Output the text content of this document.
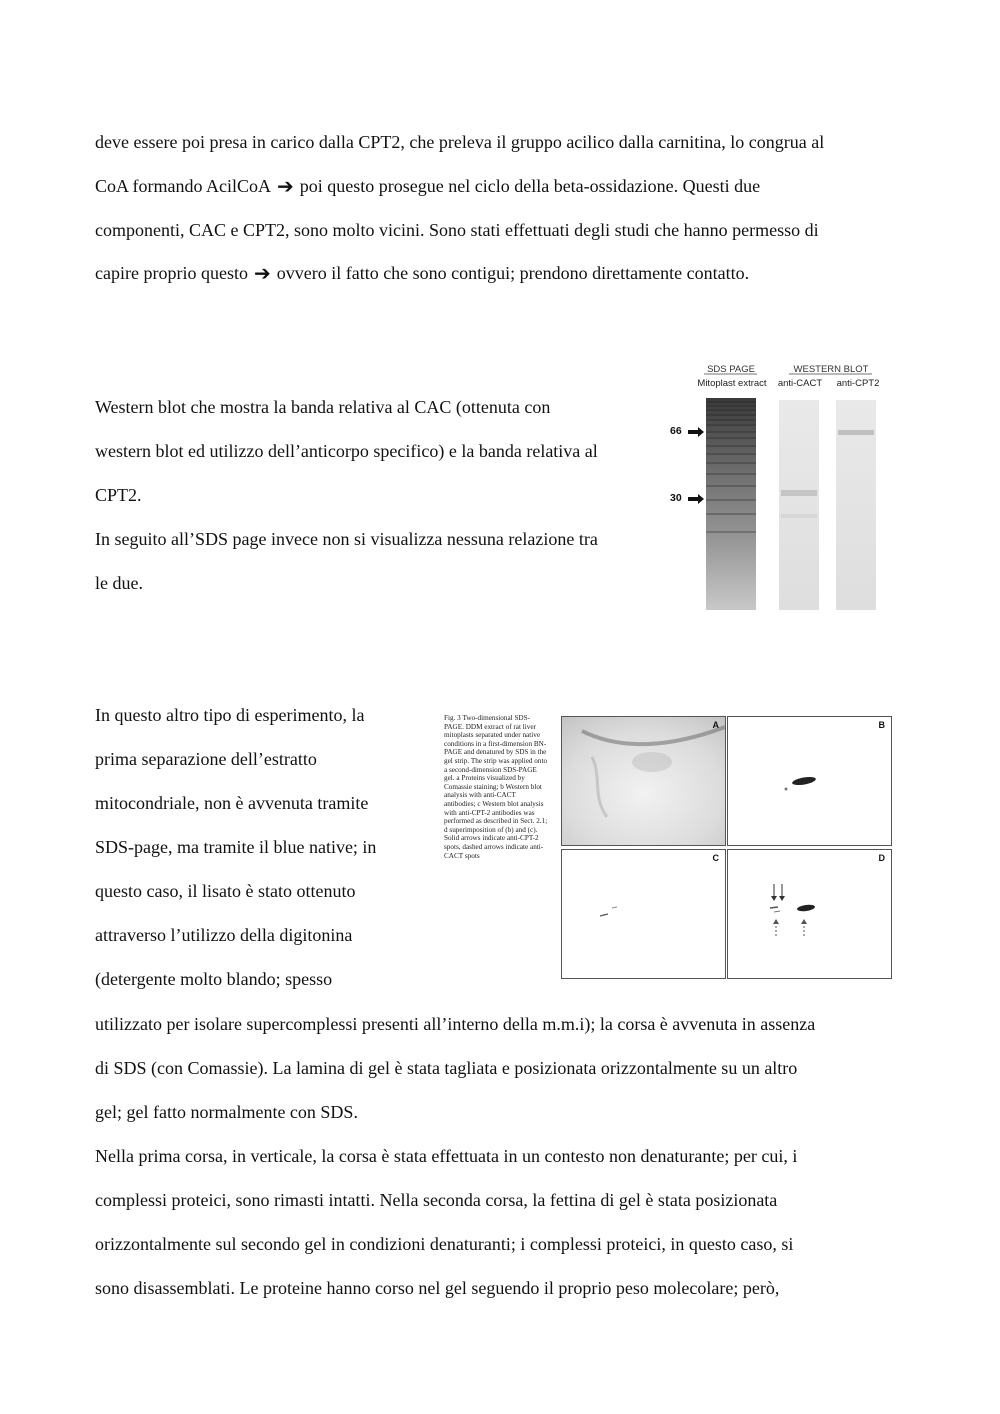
deve essere poi presa in carico dalla CPT2, che preleva il gruppo acilico dalla carnitina, lo congrua al
CoA formando AcilCoA ➔ poi questo prosegue nel ciclo della beta-ossidazione. Questi due
componenti, CAC e CPT2, sono molto vicini. Sono stati effettuati degli studi che hanno permesso di
capire proprio questo ➔ ovvero il fatto che sono contigui; prendono direttamente contatto.
Western blot che mostra la banda relativa al CAC (ottenuta con
western blot ed utilizzo dell’anticorpo specifico) e la banda relativa al
CPT2.
In seguito all’SDS page invece non si visualizza nessuna relazione tra
le due.
SDS PAGE
Mitoplast extract
WESTERN BLOT
anti-CACT	anti-CPT2
66
30
In questo altro tipo di esperimento, la
prima separazione dell’estratto
mitocondriale, non è avvenuta tramite
SDS-page, ma tramite il blue native; in
questo caso, il lisato è stato ottenuto
attraverso l’utilizzo della digitonina
(detergente molto blando; spesso
Fig. 3 Two-dimensional SDS-PAGE. DDM extract of rat liver mitoplasts separated under native conditions in a first-dimension BN-PAGE and denatured by SDS in the gel strip. The strip was applied onto a second-dimension SDS-PAGE gel. a Proteins visualized by Comassie staining; b Western blot analysis with anti-CACT antibodies; c Western blot analysis with anti-CPT-2 antibodies was performed as described in Sect. 2.1; d superimposition of (b) and (c). Solid arrows indicate anti-CPT-2 spots, dashed arrows indicate anti-CACT spots
A	B
C	D
utilizzato per isolare supercomplessi presenti all’interno della m.m.i); la corsa è avvenuta in assenza
di SDS (con Comassie). La lamina di gel è stata tagliata e posizionata orizzontalmente su un altro
gel; gel fatto normalmente con SDS.
Nella prima corsa, in verticale, la corsa è stata effettuata in un contesto non denaturante; per cui, i
complessi proteici, sono rimasti intatti. Nella seconda corsa, la fettina di gel è stata posizionata
orizzontalmente sul secondo gel in condizioni denaturanti; i complessi proteici, in questo caso, si
sono disassemblati. Le proteine hanno corso nel gel seguendo il proprio peso molecolare; però,
